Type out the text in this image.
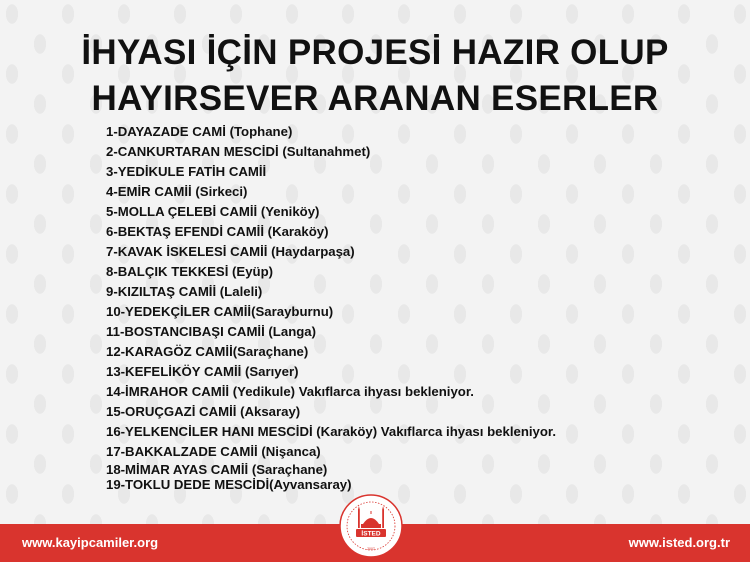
İHYASI İÇİN PROJESİ HAZIR OLUP
HAYIRSEVER ARANAN ESERLER
1-DAYAZADE CAMİ (Tophane)
2-CANKURTARAN MESCİDİ (Sultanahmet)
3-YEDİKULE FATİH CAMİİ
4-EMİR CAMİİ (Sirkeci)
5-MOLLA ÇELEBİ CAMİİ (Yeniköy)
6-BEKTAŞ EFENDİ CAMİİ (Karaköy)
7-KAVAK İSKELESİ CAMİİ (Haydarpaşa)
8-BALÇIK TEKKESİ (Eyüp)
9-KIZILTAŞ CAMİİ (Laleli)
10-YEDEKÇİLER CAMİİ(Sarayburnu)
11-BOSTANCIBAŞI CAMİİ (Langa)
12-KARAGÖZ CAMİİ(Saraçhane)
13-KEFELİKÖY CAMİİ (Sarıyer)
14-İMRAHOR CAMİİ (Yedikule) Vakıflarca ihyası bekleniyor.
15-ORUÇGAZİ CAMİİ (Aksaray)
16-YELKENCİLER HANI MESCİDİ (Karaköy) Vakıflarca ihyası bekleniyor.
17-BAKKALZADE CAMİİ (Nişanca)
18-MİMAR AYAS CAMİİ (Saraçhane)
19-TOKLU DEDE MESCİDİ(Ayvansaray)
www.kayipcamiler.org	www.isted.org.tr
İSTED
2007
